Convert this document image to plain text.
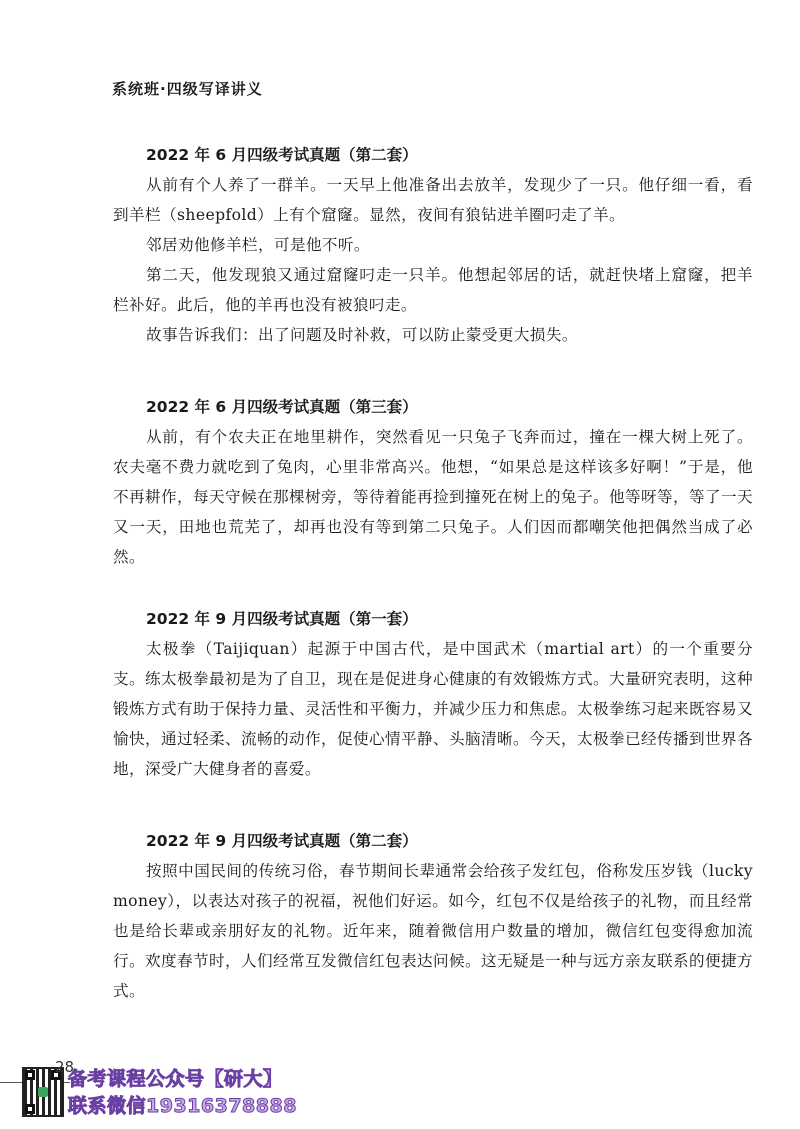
系统班·四级写译讲义
2022 年 6 月四级考试真题（第二套）

从前有个人养了一群羊。一天早上他准备出去放羊，发现少了一只。他仔细一看，看到羊栏（sheepfold）上有个窟窿。显然，夜间有狼钻进羊圈叼走了羊。

邻居劝他修羊栏，可是他不听。

第二天，他发现狼又通过窟窿叼走一只羊。他想起邻居的话，就赶快堵上窟窿，把羊栏补好。此后，他的羊再也没有被狼叼走。

故事告诉我们：出了问题及时补救，可以防止蒙受更大损失。

2022 年 6 月四级考试真题（第三套）

从前，有个农夫正在地里耕作，突然看见一只兔子飞奔而过，撞在一棵大树上死了。农夫毫不费力就吃到了兔肉，心里非常高兴。他想，“如果总是这样该多好啊！”于是，他不再耕作，每天守候在那棵树旁，等待着能再捡到撞死在树上的兔子。他等呀等，等了一天又一天，田地也荒芜了，却再也没有等到第二只兔子。人们因而都嘲笑他把偶然当成了必然。

2022 年 9 月四级考试真题（第一套）

太极拳（Taijiquan）起源于中国古代，是中国武术（martial art）的一个重要分支。练太极拳最初是为了自卫，现在是促进身心健康的有效锻炼方式。大量研究表明，这种锻炼方式有助于保持力量、灵活性和平衡力，并减少压力和焦虑。太极拳练习起来既容易又愉快，通过轻柔、流畅的动作，促使心情平静、头脑清晰。今天，太极拳已经传播到世界各地，深受广大健身者的喜爱。

2022 年 9 月四级考试真题（第二套）

按照中国民间的传统习俗，春节期间长辈通常会给孩子发红包，俗称发压岁钱（lucky money），以表达对孩子的祝福，祝他们好运。如今，红包不仅是给孩子的礼物，而且经常也是给长辈或亲朋好友的礼物。近年来，随着微信用户数量的增加，微信红包变得愈加流行。欢度春节时，人们经常互发微信红包表达问候。这无疑是一种与远方亲友联系的便捷方式。

28
备考课程公众号【研大】
联系微信19316378888
